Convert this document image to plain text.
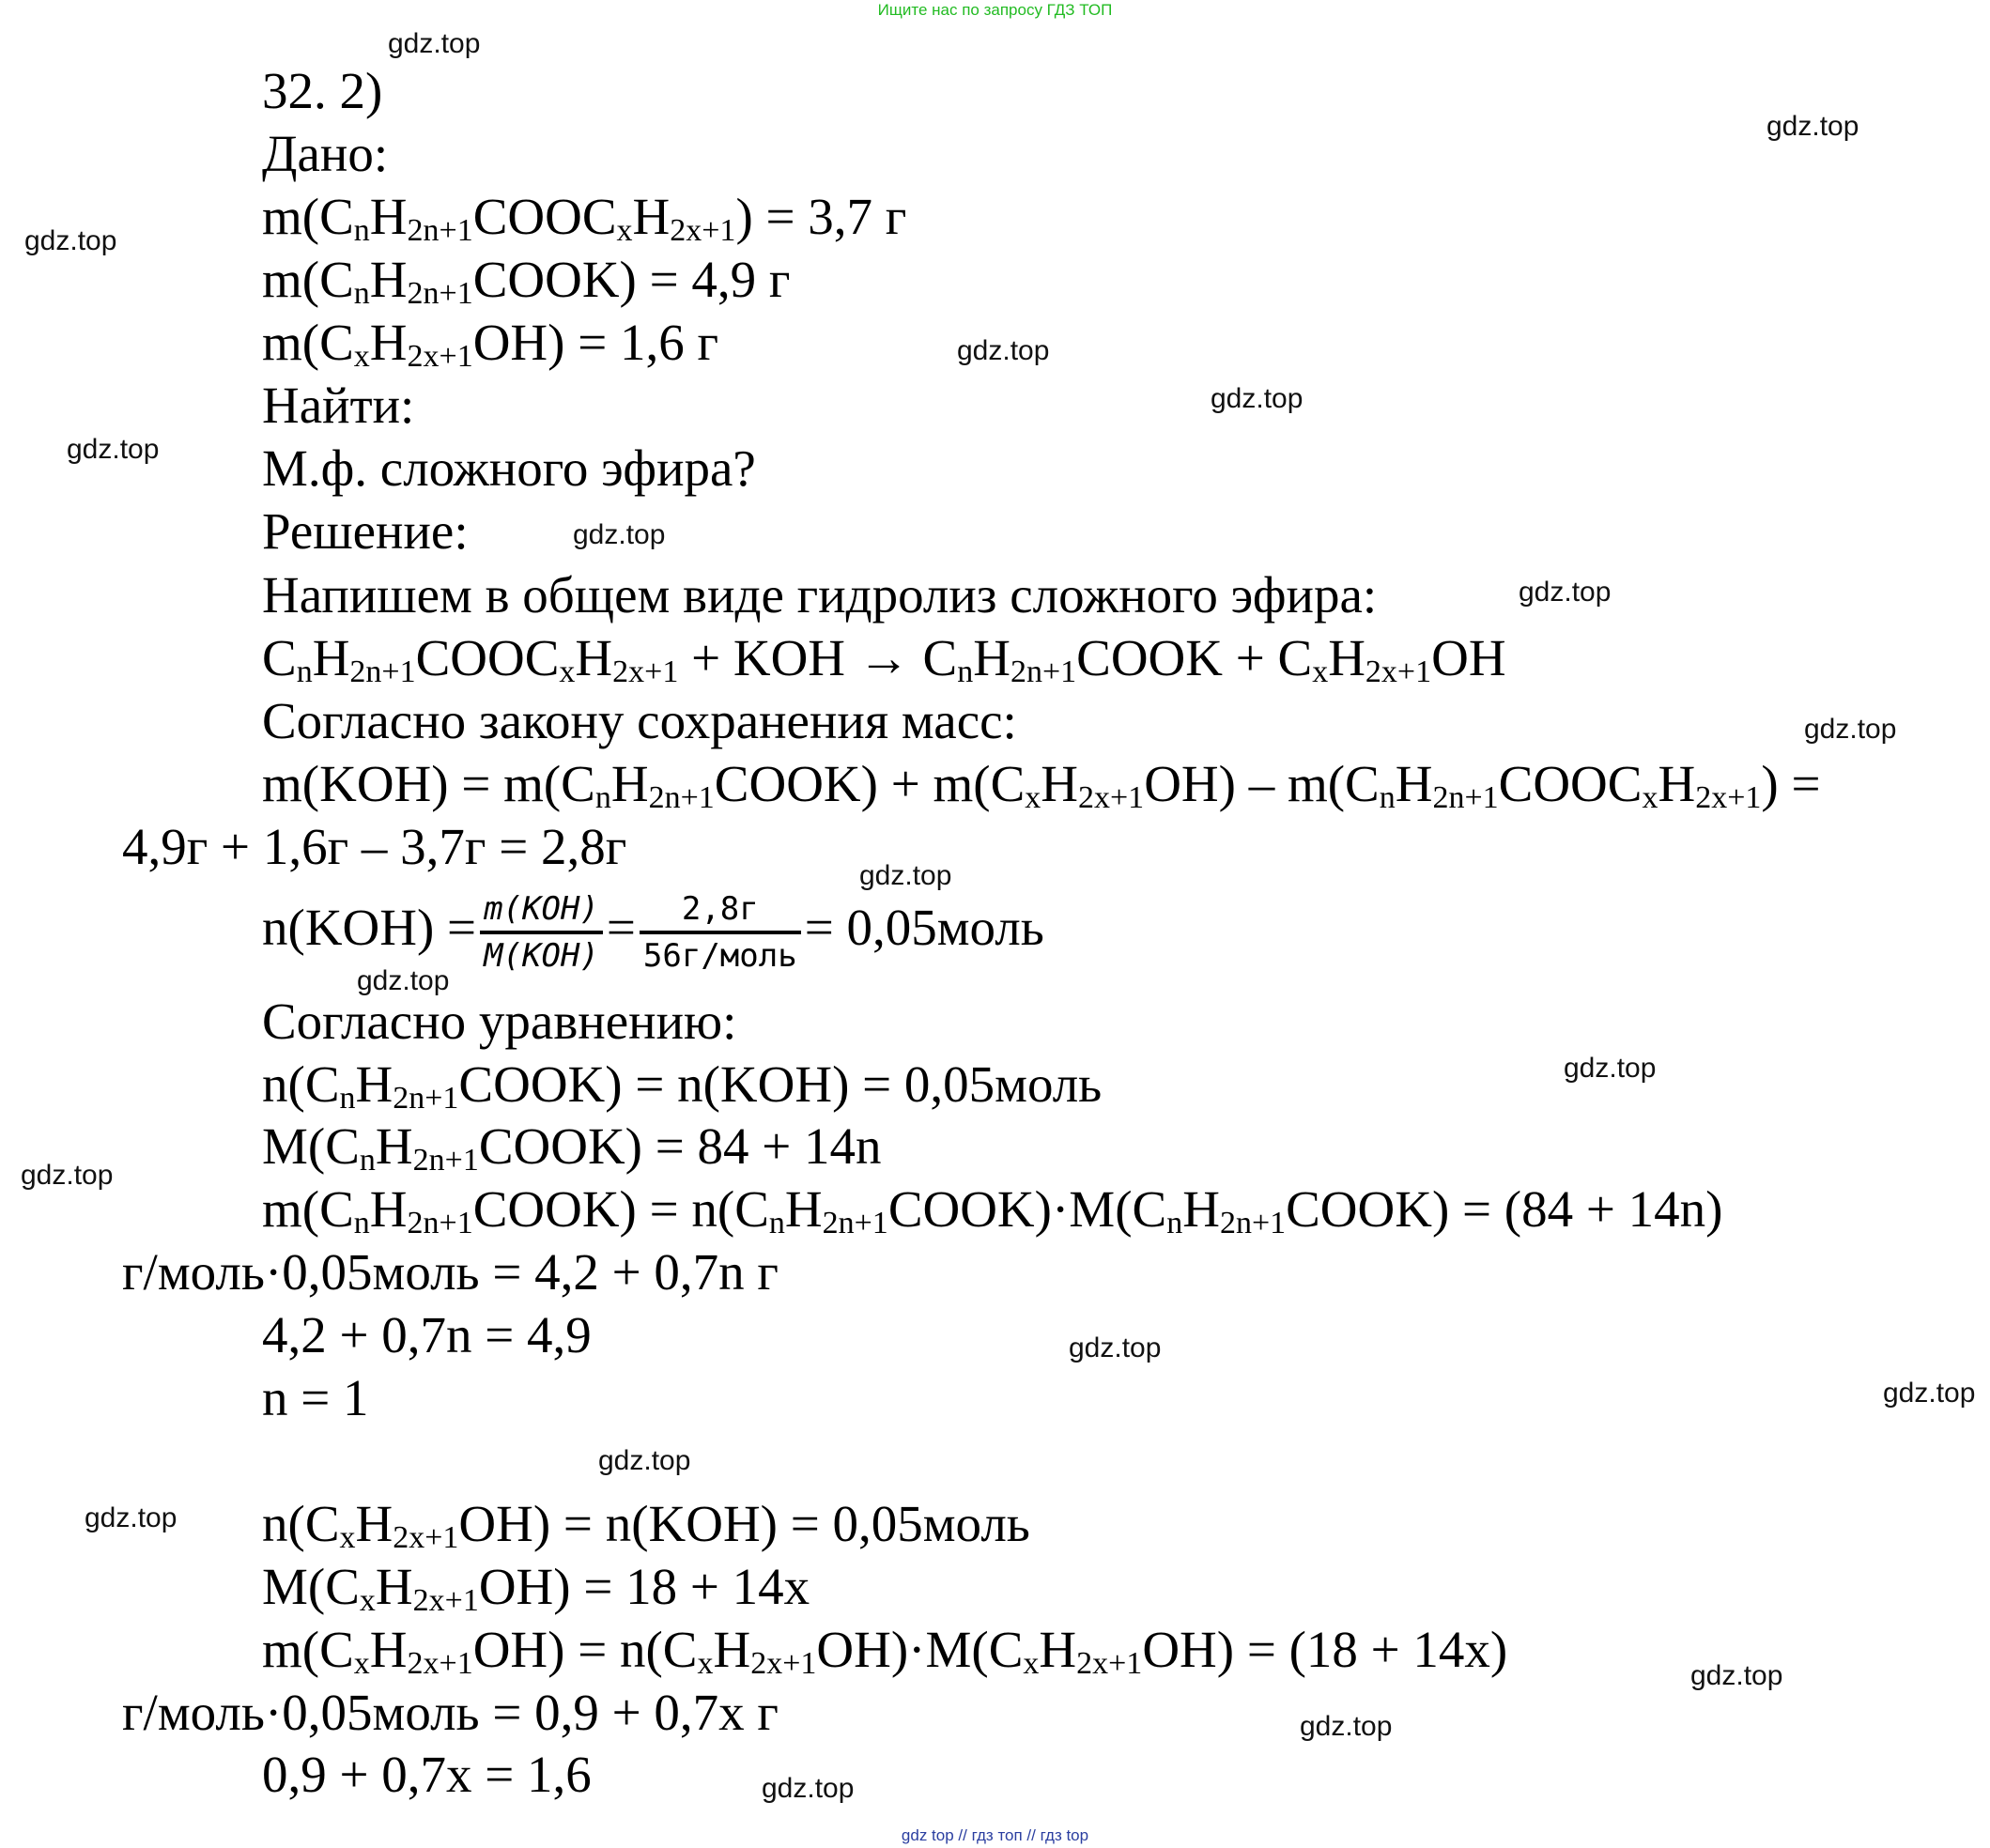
Ищите нас по запросу ГДЗ ТОП
gdz.top
gdz.top
gdz.top
gdz.top
gdz.top
gdz.top
gdz.top
gdz.top
gdz.top
gdz.top
gdz.top
gdz.top
gdz.top
gdz.top
gdz.top
gdz.top
gdz.top
gdz.top
gdz.top
gdz.top
32. 2)
Дано:
$m(C_nH_{2n+1}COOC_xH_{2x+1}) = 3,7$ г
$m(C_nH_{2n+1}COOK) = 4,9$ г
$m(C_xH_{2x+1}OH) = 1,6$ г
Найти:
М.ф. сложного эфира?
Решение:
Напишем в общем виде гидролиз сложного эфира:
$C_nH_{2n+1}COOC_xH_{2x+1}$ + KOH → $C_nH_{2n+1}COOK + C_xH_{2x+1}OH$
Согласно закону сохранения масс:
$m(KOH) = m(C_nH_{2n+1}COOK) + m(C_xH_{2x+1}OH)$ – $m(C_nH_{2n+1}COOC_xH_{2x+1})$ =
4,9г + 1,6г – 3,7г = 2,8г
$n(KOH) = \frac{\text{m(KOH)}}{\text{M(KOH)}} = \frac{2,8г}{\text{56г/моль}}$ = 0,05моль
Согласно уравнению:
$n(C_nH_{2n+1}COOK) = n(KOH)$ = 0,05моль
$M(C_nH_{2n+1}COOK) = 84 + 14n$
$m(C_nH_{2n+1}COOK)$ = $n(C_nH_{2n+1}COOK)\cdot M(C_nH_{2n+1}COOK) = (84 + 14n)$
г/моль·0,05моль = 4,2 + 0,7n г
4,2 + 0,7n = 4,9
n = 1
$n(C_xH_{2x+1}OH) = n(KOH)$ = 0,05моль
$M(C_xH_{2x+1}OH) = 18 + 14x$
$m(C_xH_{2x+1}OH) = n(C_xH_{2x+1}OH)\cdot M(C_xH_{2x+1}OH) = (18 + 14x)$
г/моль·0,05моль = 0,9 + 0,7x г
0,9 + 0,7x = 1,6
gdz top // гдз топ // гдз top
